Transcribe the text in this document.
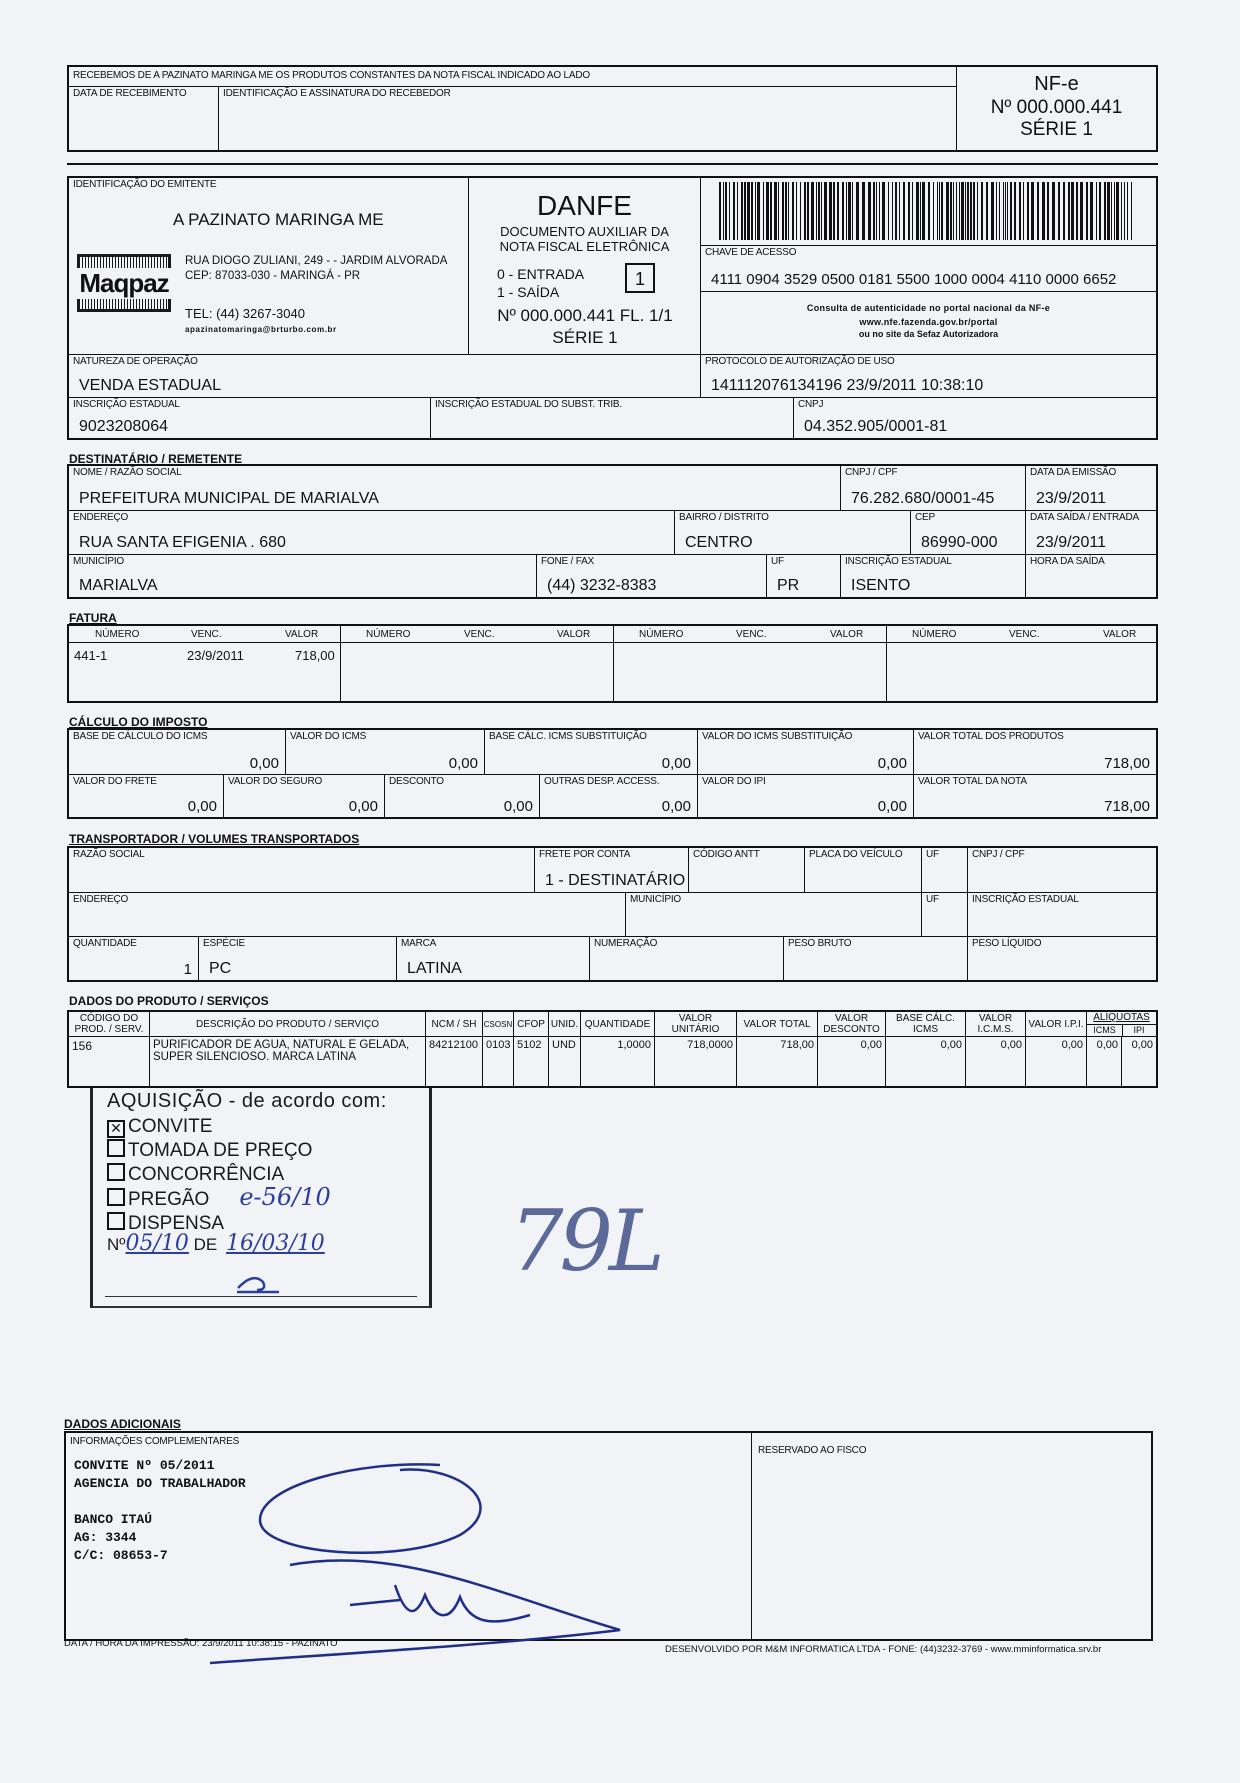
RECEBEMOS DE A PAZINATO MARINGA ME OS PRODUTOS CONSTANTES DA NOTA FISCAL INDICADO AO LADO
DATA DE RECEBIMENTO	IDENTIFICAÇÃO E ASSINATURA DO RECEBEDOR	NF-e
Nº 000.000.441
SÉRIE 1
IDENTIFICAÇÃO DO EMITENTE
A PAZINATO MARINGA ME
Maqpaz
RUA DIOGO ZULIANI, 249 - - JARDIM ALVORADA
CEP: 87033-030 - MARINGÁ - PR
TEL: (44) 3267-3040
apazinatomaringa@brturbo.com.br
DANFE
DOCUMENTO AUXILIAR DA
NOTA FISCAL ELETRÔNICA
0 - ENTRADA
1 - SAÍDA
1
Nº 000.000.441 FL. 1/1
SÉRIE 1
CHAVE DE ACESSO
4111 0904 3529 0500 0181 5500 1000 0004 4110 0000 6652
Consulta de autenticidade no portal nacional da NF-e
www.nfe.fazenda.gov.br/portal
ou no site da Sefaz Autorizadora
NATUREZA DE OPERAÇÃO
VENDA ESTADUAL
PROTOCOLO DE AUTORIZAÇÃO DE USO
141112076134196 23/9/2011 10:38:10
INSCRIÇÃO ESTADUAL
9023208064
INSCRIÇÃO ESTADUAL DO SUBST. TRIB.	CNPJ
04.352.905/0001-81
DESTINATÁRIO / REMETENTE
NOME / RAZÃO SOCIAL
PREFEITURA MUNICIPAL DE MARIALVA
CNPJ / CPF
76.282.680/0001-45
DATA DA EMISSÃO
23/9/2011
ENDEREÇO
RUA SANTA EFIGENIA . 680
BAIRRO / DISTRITO
CENTRO
CEP
86990-000
DATA SAÍDA / ENTRADA
23/9/2011
MUNICÍPIO
MARIALVA
FONE / FAX
(44) 3232-8383
UF
PR
INSCRIÇÃO ESTADUAL
ISENTO
HORA DA SAÍDA
FATURA
NÚMERO	VENC.	VALOR	NÚMERO	VENC.	VALOR	NÚMERO	VENC.	VALOR	NÚMERO	VENC.	VALOR
441-1	23/9/2011	718,00
CÁLCULO DO IMPOSTO
BASE DE CÁLCULO DO ICMS
0,00
VALOR DO ICMS
0,00
BASE CÁLC. ICMS SUBSTITUIÇÃO
0,00
VALOR DO ICMS SUBSTITUIÇÃO
0,00
VALOR TOTAL DOS PRODUTOS
718,00
VALOR DO FRETE
0,00
VALOR DO SEGURO
0,00
DESCONTO
0,00
OUTRAS DESP. ACCESS.
0,00
VALOR DO IPI
0,00
VALOR TOTAL DA NOTA
718,00
TRANSPORTADOR / VOLUMES TRANSPORTADOS
RAZÃO SOCIAL	FRETE POR CONTA
1 - DESTINATÁRIO
CÓDIGO ANTT	PLACA DO VEÍCULO UF	CNPJ / CPF
ENDEREÇO	MUNICÍPIO	UF	INSCRIÇÃO ESTADUAL
QUANTIDADE
1
ESPÉCIE
PC
MARCA
LATINA
NUMERAÇÃO	PESO BRUTO	PESO LÍQUIDO
DADOS DO PRODUTO / SERVIÇOS
CÓDIGO DO PROD. / SERV.	DESCRIÇÃO DO PRODUTO / SERVIÇO	NCM / SH CSOSN CFOP UNID. QUANTIDADE	VALOR UNITÁRIO	VALOR TOTAL	VALOR DESCONTO
BASE CÁLC. ICMS
VALOR I.C.M.S.	VALOR I.P.I.
ALÍQUOTAS
ICMS	IPI
156	PURIFICADOR DE AGUA, NATURAL E GELADA, SUPER SILENCIOSO. MARCA LATINA
84212100 0103 5102 UND	1,0000	718,0000	718,00	0,00	0,00	0,00	0,00	0,00	0,00
AQUISIÇÃO - de acordo com:
✕ CONVITE
TOMADA DE PREÇO
CONCORRÊNCIA
PREGÃO e-56/10
DISPENSA
Nº05/10 DE 16/03/10 79L
DADOS ADICIONAIS
INFORMAÇÕES COMPLEMENTARES
CONVITE Nº 05/2011
AGENCIA DO TRABALHADOR
BANCO ITAÚ
AG: 3344
C/C: 08653-7
RESERVADO AO FISCO
DATA / HORA DA IMPRESSÃO: 23/9/2011 10:38:15 - PAZINATO
DESENVOLVIDO POR M&M INFORMATICA LTDA - FONE: (44)3232-3769 - www.mminformatica.srv.br
